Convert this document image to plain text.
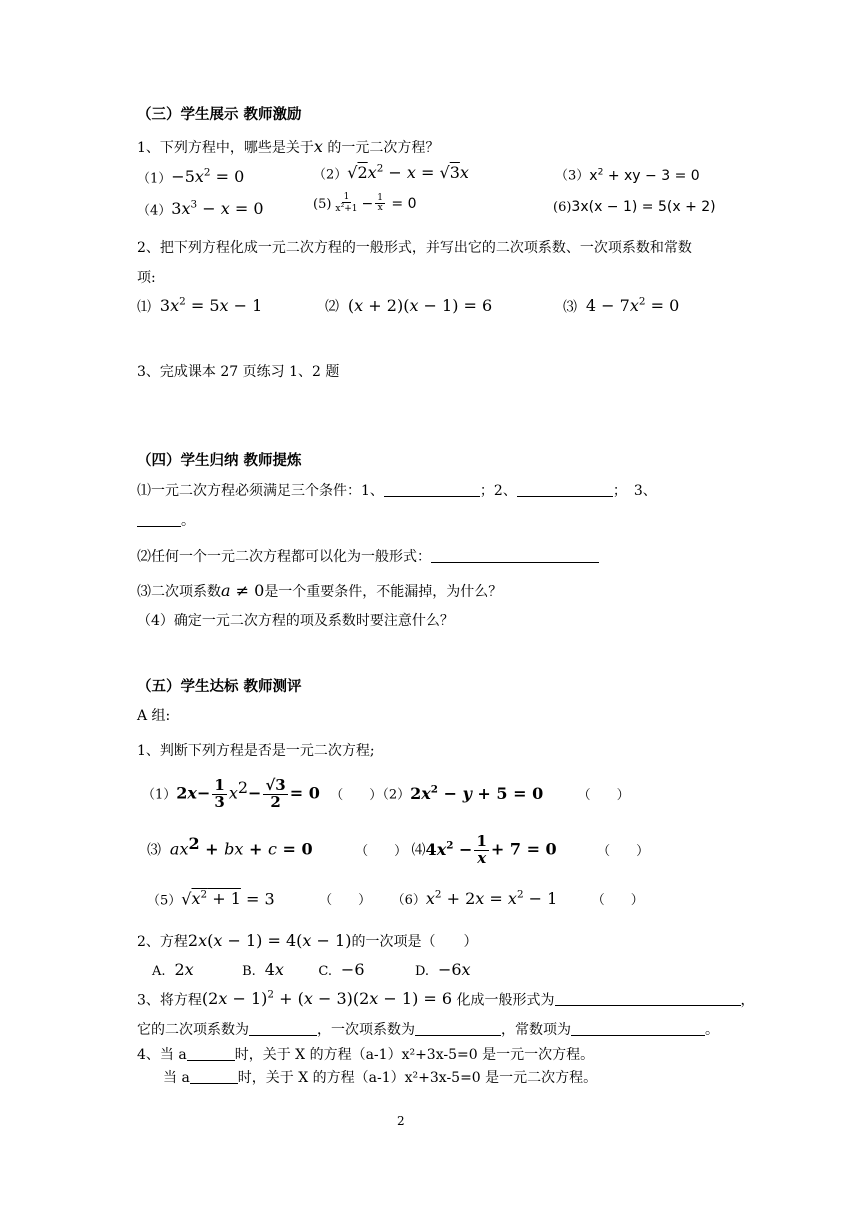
（三）学生展示 教师激励
1、下列方程中，哪些是关于x 的一元二次方程？
$(1)-5x^2 = 0$	$(2)√2x^2 - x = √3x$	$(3)x^2$ + xy − 3 = 0
$(4)3x^3 - x = 0$	$(5) \frac{1}{x^2+1} - \frac{1}{x} = 0$	(6)3x(x − 1) = 5(x + 2)
2、把下列方程化成一元二次方程的一般形式，并写出它的二次项系数、一次项系数和常数
项:
⑴ $3x^2 = 5x - 1$	⑵ (x + 2)(x − 1) = 6	⑶ $4 - 7x^2 = 0$
3、完成课本 27 页练习 1、2 题
（四）学生归纳 教师提炼
⑴一元二次方程必须满足三个条件：1、	；2、	；　3、
。
⑵任何一个一元二次方程都可以化为一般形式：
⑶二次项系数a ≠ 0是一个重要条件，不能漏掉，为什么？
（4）确定一元二次方程的项及系数时要注意什么？
（五）学生达标 教师测评
A 组:
1、判断下列方程是否是一元二次方程;
$(1)2x- \frac{1}{3} x^2- \frac{√3}{2} = 0$ （　　）$(2)2x^2 - y + 5 = 0$	（　　）
⑶ $ax^2$ + bx + c = 0	（　　） $⑷4x^2 - \frac{1}{x} + 7 = 0$	（　　）
$(5)√x^2 + 1 = 3$	（　　） $(6)x^2 + 2x = x^2 - 1$	（　　）
2、方程2x(x − 1) = 4(x − 1)的一次项是（　　）
A. 2x	B. 4x	C. −6	D. −6x
3、将方程$(2x - 1)^2 + (x - 3)(2x - 1) = 6$ 化成一般形式为	，
它的二次项系数为	，一次项系数为	，常数项为	。
4、当 a	时，关于 X 的方程（a-1）x²+3x-5=0 是一元一次方程。
当 a	时，关于 X 的方程（a-1）x²+3x-5=0 是一元二次方程。
2
